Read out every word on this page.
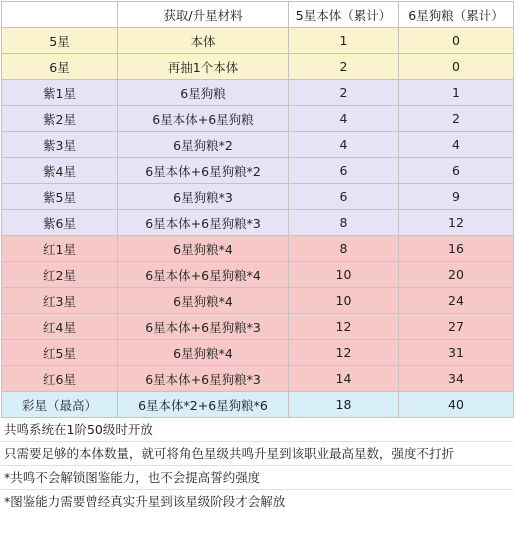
	获取/升星材料	5星本体（累计）	6星狗粮（累计）
5星	本体	1	0
6星	再抽1个本体	2	0
紫1星	6星狗粮	2	1
紫2星	6星本体+6星狗粮	4	2
紫3星	6星狗粮*2	4	4
紫4星	6星本体+6星狗粮*2	6	6
紫5星	6星狗粮*3	6	9
紫6星	6星本体+6星狗粮*3	8	12
红1星	6星狗粮*4	8	16
红2星	6星本体+6星狗粮*4	10	20
红3星	6星狗粮*4	10	24
红4星	6星本体+6星狗粮*3	12	27
红5星	6星狗粮*4	12	31
红6星	6星本体+6星狗粮*3	14	34
彩星（最高）	6星本体*2+6星狗粮*6	18	40
共鸣系统在1阶50级时开放
只需要足够的本体数量，就可将角色星级共鸣升星到该职业最高星数，强度不打折
*共鸣不会解锁图鉴能力，也不会提高誓约强度
*图鉴能力需要曾经真实升星到该星级阶段才会解放
